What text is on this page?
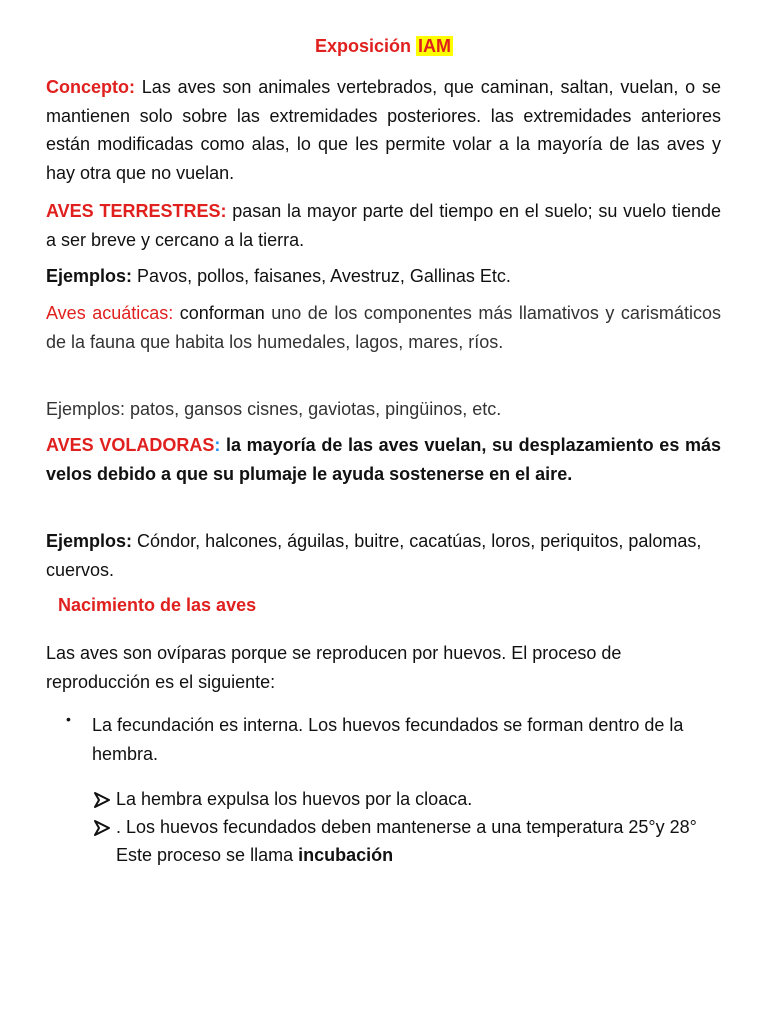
Exposición IAM
Concepto: Las aves son animales vertebrados, que caminan, saltan, vuelan, o se mantienen solo sobre las extremidades posteriores. las extremidades anteriores están modificadas como alas, lo que les permite volar a la mayoría de las aves y hay otra que no vuelan.
AVES TERRESTRES: pasan la mayor parte del tiempo en el suelo; su vuelo tiende a ser breve y cercano a la tierra.
Ejemplos: Pavos, pollos, faisanes, Avestruz, Gallinas Etc.
Aves acuáticas: conforman uno de los componentes más llamativos y carismáticos de la fauna que habita los humedales, lagos, mares, ríos.
Ejemplos: patos, gansos cisnes, gaviotas, pingüinos, etc.
AVES VOLADORAS: la mayoría de las aves vuelan, su desplazamiento es más velos debido a que su plumaje le ayuda sostenerse en el aire.
Ejemplos: Cóndor, halcones, águilas, buitre, cacatúas, loros, periquitos, palomas, cuervos.
Nacimiento de las aves
Las aves son ovíparas porque se reproducen por huevos. El proceso de reproducción es el siguiente:
• La fecundación es interna. Los huevos fecundados se forman dentro de la hembra.
La hembra expulsa los huevos por la cloaca.
. Los huevos fecundados deben mantenerse a una temperatura 25°y 28° Este proceso se llama incubación
